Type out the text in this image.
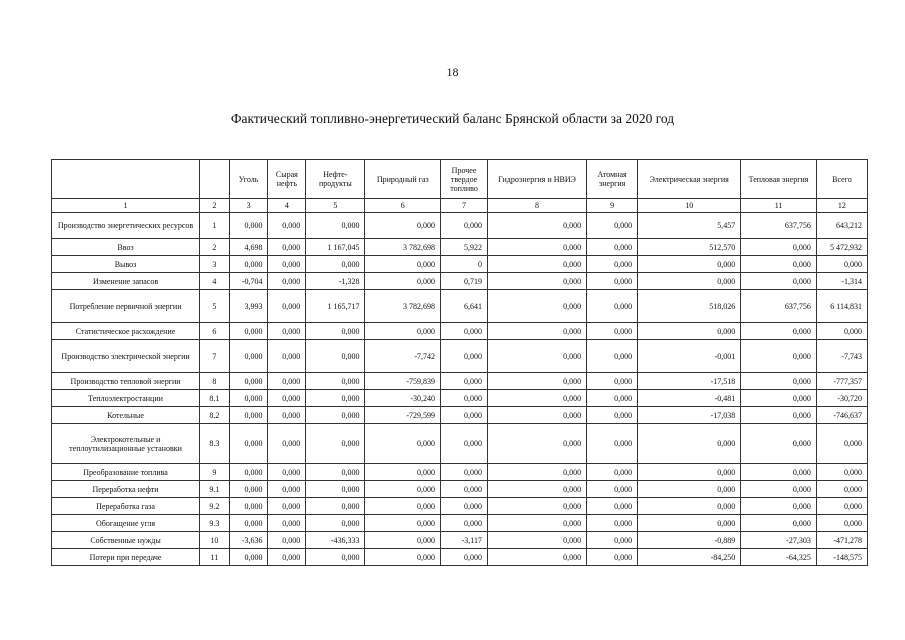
18
Фактический топливно-энергетический баланс Брянской области за 2020 год
		Уголь	Сырая нефть	Нефте-продукты	Природный газ	Прочее твердое топливо	Гидроэнергия и НВИЭ	Атомная энергия	Электрическая энергия	Тепловая энергия	Всего
1	2	3	4	5	6	7	8	9	10	11	12
Производство энергетических ресурсов	1	0,000	0,000	0,000	0,000	0,000	0,000	0,000	5,457	637,756	643,212
Ввоз	2	4,698	0,000	1 167,045	3 782,698	5,922	0,000	0,000	512,570	0,000	5 472,932
Вывоз	3	0,000	0,000	0,000	0,000	0	0,000	0,000	0,000	0,000	0,000
Изменение запасов	4	-0,704	0,000	-1,328	0,000	0,719	0,000	0,000	0,000	0,000	-1,314
Потребление первичной энергии	5	3,993	0,000	1 165,717	3 782,698	6,641	0,000	0,000	518,026	637,756	6 114,831
Статистическое расхождение	6	0,000	0,000	0,000	0,000	0,000	0,000	0,000	0,000	0,000	0,000
Производство электрической энергии	7	0,000	0,000	0,000	-7,742	0,000	0,000	0,000	-0,001	0,000	-7,743
Производство тепловой энергии	8	0,000	0,000	0,000	-759,839	0,000	0,000	0,000	-17,518	0,000	-777,357
Теплоэлектростанции	8.1	0,000	0,000	0,000	-30,240	0,000	0,000	0,000	-0,481	0,000	-30,720
Котельные	8.2	0,000	0,000	0,000	-729,599	0,000	0,000	0,000	-17,038	0,000	-746,637
Электрокотельные и теплоутилизационные установки	8.3	0,000	0,000	0,000	0,000	0,000	0,000	0,000	0,000	0,000	0,000
Преобразование топлива	9	0,000	0,000	0,000	0,000	0,000	0,000	0,000	0,000	0,000	0,000
Переработка нефти	9.1	0,000	0,000	0,000	0,000	0,000	0,000	0,000	0,000	0,000	0,000
Переработка газа	9.2	0,000	0,000	0,000	0,000	0,000	0,000	0,000	0,000	0,000	0,000
Обогащение угля	9.3	0,000	0,000	0,000	0,000	0,000	0,000	0,000	0,000	0,000	0,000
Собственные нужды	10	-3,636	0,000	-436,333	0,000	-3,117	0,000	0,000	-0,889	-27,303	-471,278
Потери при передаче	11	0,000	0,000	0,000	0,000	0,000	0,000	0,000	-84,250	-64,325	-148,575
